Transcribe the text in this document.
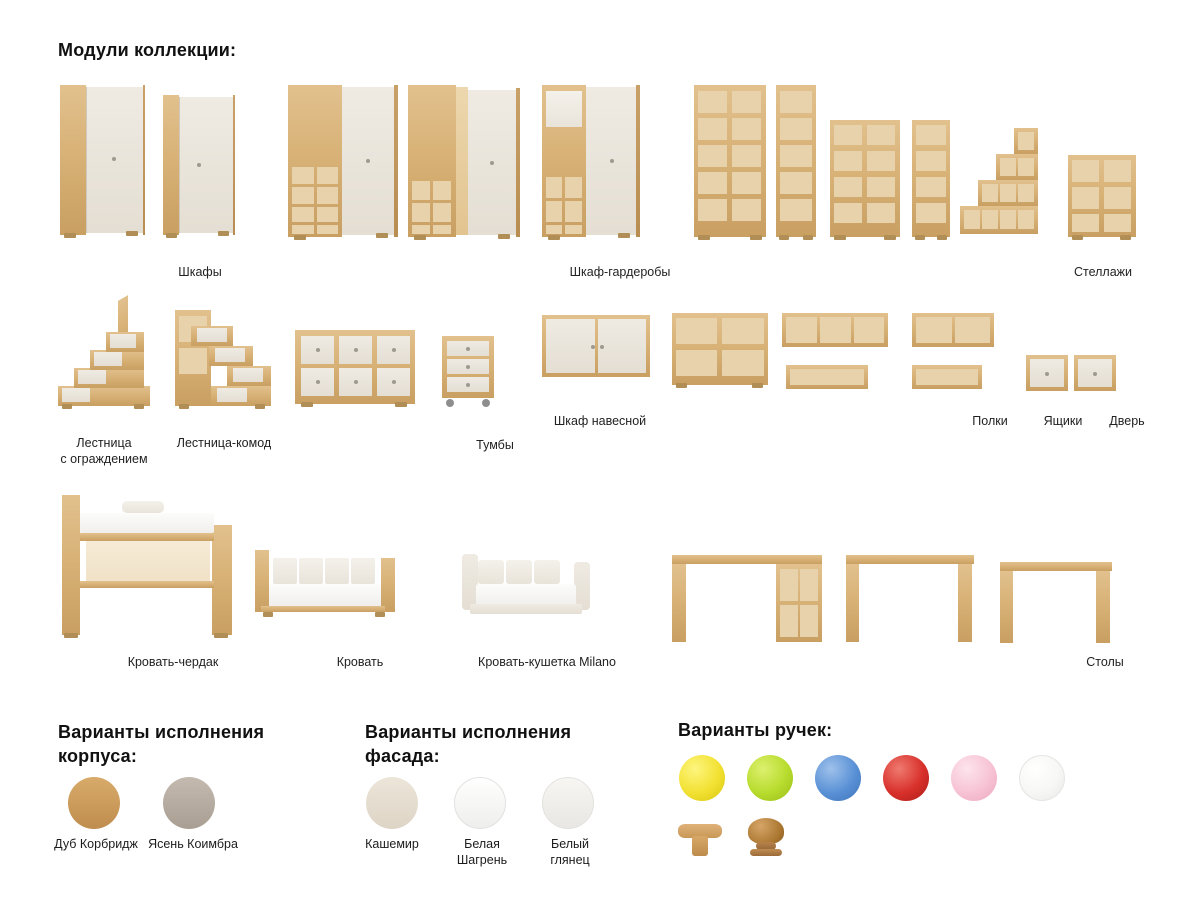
Модули коллекции:
Шкафы	Шкаф-гардеробы	Стеллажи
Лестница
с ограждением
Лестница-комод	Тумбы
Шкаф навесной	Полки	Ящики	Дверь
Кровать-чердак	Кровать	Кровать-кушетка Milano	Столы
Варианты исполнения
корпуса:
Дуб Корбридж Ясень Коимбра
Варианты исполнения
фасада:
Кашемир	Белая
Шагрень
Белый
глянец
Варианты ручек:
